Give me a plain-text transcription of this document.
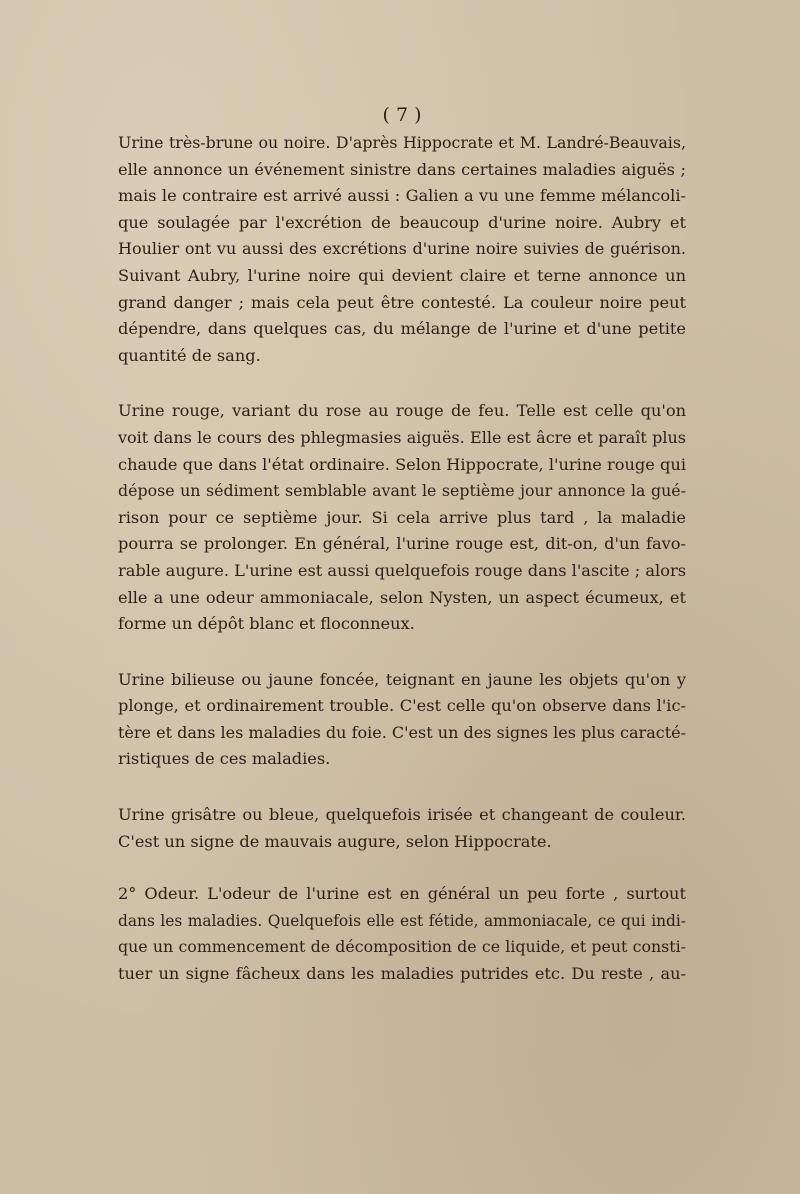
( 7 )

Urine très-brune ou noire. D'après Hippocrate et M. Landré-Beauvais,
elle annonce un événement sinistre dans certaines maladies aiguës ;
mais le contraire est arrivé aussi : Galien a vu une femme mélancoli-
que soulagée par l'excrétion de beaucoup d'urine noire. Aubry et
Houlier ont vu aussi des excrétions d'urine noire suivies de guérison.
Suivant Aubry, l'urine noire qui devient claire et terne annonce un
grand danger ; mais cela peut être contesté. La couleur noire peut
dépendre, dans quelques cas, du mélange de l'urine et d'une petite
quantité de sang.

Urine rouge, variant du rose au rouge de feu. Telle est celle qu'on
voit dans le cours des phlegmasies aiguës. Elle est âcre et paraît plus
chaude que dans l'état ordinaire. Selon Hippocrate, l'urine rouge qui
dépose un sédiment semblable avant le septième jour annonce la gué-
rison pour ce septième jour. Si cela arrive plus tard , la maladie
pourra se prolonger. En général, l'urine rouge est, dit-on, d'un favo-
rable augure. L'urine est aussi quelquefois rouge dans l'ascite ; alors
elle a une odeur ammoniacale, selon Nysten, un aspect écumeux, et
forme un dépôt blanc et floconneux.

Urine bilieuse ou jaune foncée, teignant en jaune les objets qu'on y
plonge, et ordinairement trouble. C'est celle qu'on observe dans l'ic-
tère et dans les maladies du foie. C'est un des signes les plus caracté-
ristiques de ces maladies.

Urine grisâtre ou bleue, quelquefois irisée et changeant de couleur.
C'est un signe de mauvais augure, selon Hippocrate.

2° Odeur. L'odeur de l'urine est en général un peu forte , surtout
dans les maladies. Quelquefois elle est fétide, ammoniacale, ce qui indi-
que un commencement de décomposition de ce liquide, et peut consti-
tuer un signe fâcheux dans les maladies putrides etc. Du reste , au-
